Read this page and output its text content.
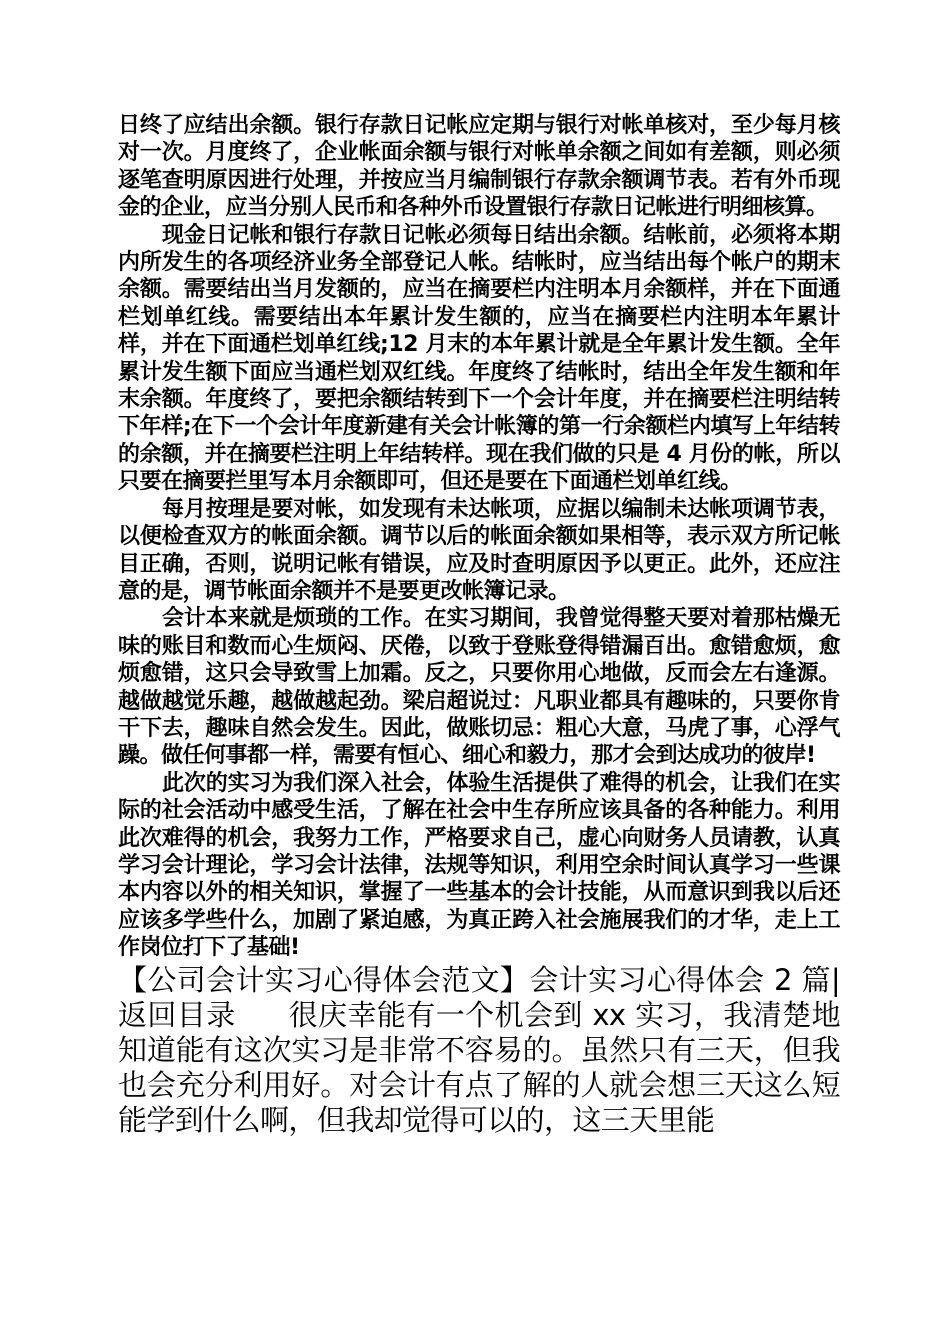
日终了应结出余额。银行存款日记帐应定期与银行对帐单核对，至少每月核对一次。月度终了，企业帐面余额与银行对帐单余额之间如有差额，则必须逐笔查明原因进行处理，并按应当月编制银行存款余额调节表。若有外币现金的企业，应当分别人民币和各种外币设置银行存款日记帐进行明细核算。

现金日记帐和银行存款日记帐必须每日结出余额。结帐前，必须将本期内所发生的各项经济业务全部登记人帐。结帐时，应当结出每个帐户的期末余额。需要结出当月发额的，应当在摘要栏内注明本月余额样，并在下面通栏划单红线。需要结出本年累计发生额的，应当在摘要栏内注明本年累计样，并在下面通栏划单红线;12 月末的本年累计就是全年累计发生额。全年累计发生额下面应当通栏划双红线。年度终了结帐时，结出全年发生额和年末余额。年度终了，要把余额结转到下一个会计年度，并在摘要栏注明结转下年样;在下一个会计年度新建有关会计帐簿的第一行余额栏内填写上年结转的余额，并在摘要栏注明上年结转样。现在我们做的只是 4 月份的帐，所以只要在摘要拦里写本月余额即可，但还是要在下面通栏划单红线。

每月按理是要对帐，如发现有未达帐项，应据以编制未达帐项调节表，以便检查双方的帐面余额。调节以后的帐面余额如果相等，表示双方所记帐目正确，否则，说明记帐有错误，应及时查明原因予以更正。此外，还应注意的是，调节帐面余额并不是要更改帐簿记录。

会计本来就是烦琐的工作。在实习期间，我曾觉得整天要对着那枯燥无味的账目和数而心生烦闷、厌倦，以致于登账登得错漏百出。愈错愈烦，愈烦愈错，这只会导致雪上加霜。反之，只要你用心地做，反而会左右逢源。越做越觉乐趣，越做越起劲。梁启超说过：凡职业都具有趣味的，只要你肯干下去，趣味自然会发生。因此，做账切忌：粗心大意，马虎了事，心浮气躁。做任何事都一样，需要有恒心、细心和毅力，那才会到达成功的彼岸!

此次的实习为我们深入社会，体验生活提供了难得的机会，让我们在实际的社会活动中感受生活，了解在社会中生存所应该具备的各种能力。利用此次难得的机会，我努力工作，严格要求自己，虚心向财务人员请教，认真学习会计理论，学习会计法律，法规等知识，利用空余时间认真学习一些课本内容以外的相关知识，掌握了一些基本的会计技能，从而意识到我以后还应该多学些什么，加剧了紧迫感，为真正跨入社会施展我们的才华，走上工作岗位打下了基础!

【公司会计实习心得体会范文】会计实习心得体会 2 篇| 返回目录 很庆幸能有一个机会到 xx 实习，我清楚地知道能有这次实习是非常不容易的。虽然只有三天，但我也会充分利用好。对会计有点了解的人就会想三天这么短能学到什么啊，但我却觉得可以的，这三天里能
